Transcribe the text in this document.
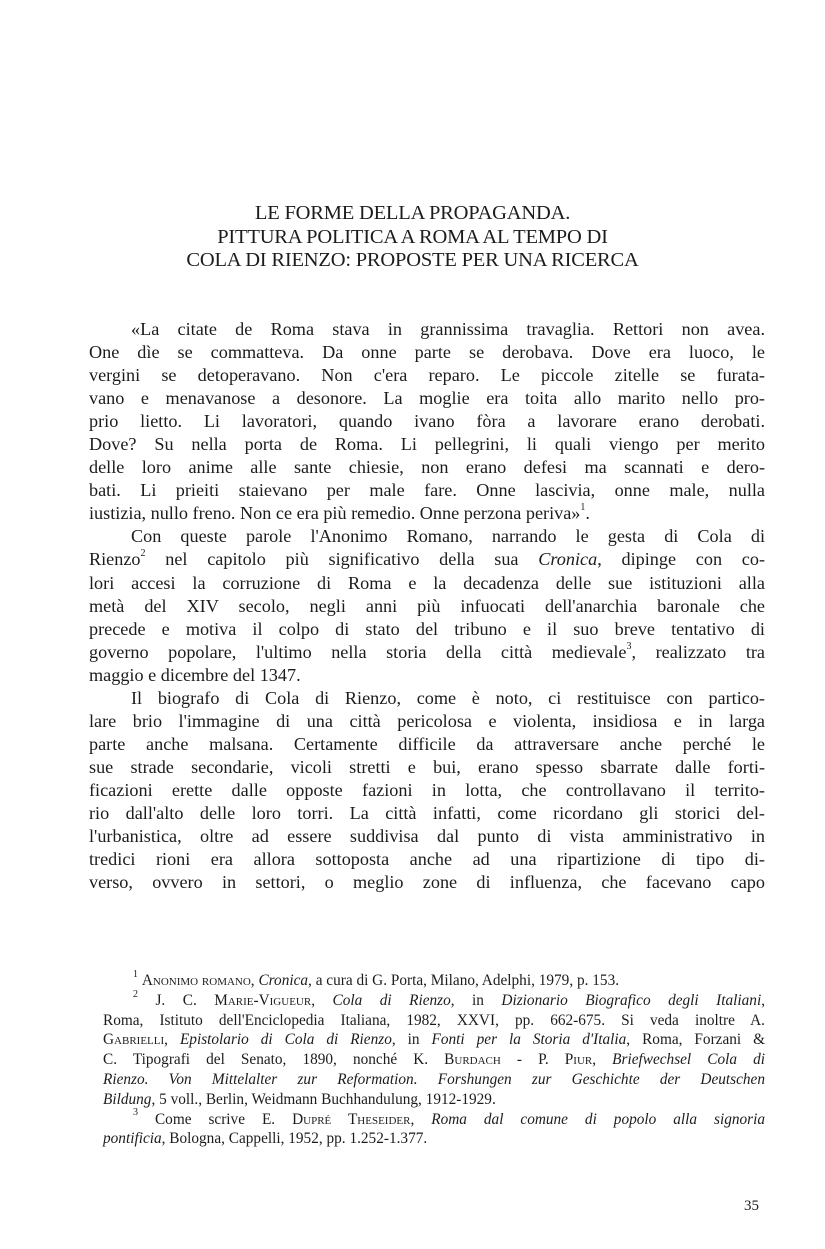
LE FORME DELLA PROPAGANDA.
PITTURA POLITICA A ROMA AL TEMPO DI
COLA DI RIENZO: PROPOSTE PER UNA RICERCA
«La citate de Roma stava in grannissima travaglia. Rettori non avea.
One dìe se commatteva. Da onne parte se derobava. Dove era luoco, le
vergini se detoperavano. Non c'era reparo. Le piccole zitelle se furata-
vano e menavanose a desonore. La moglie era toita allo marito nello pro-
prio lietto. Li lavoratori, quando ivano fòra a lavorare erano derobati.
Dove? Su nella porta de Roma. Li pellegrini, li quali viengo per merito
delle loro anime alle sante chiesie, non erano defesi ma scannati e dero-
bati. Li prieiti staievano per male fare. Onne lascivia, onne male, nulla
iustizia, nullo freno. Non ce era più remedio. Onne perzona periva»$^1$.
Con queste parole l'Anonimo Romano, narrando le gesta di Cola di
Rienzo$^2$ nel capitolo più significativo della sua Cronica, dipinge con co-
lori accesi la corruzione di Roma e la decadenza delle sue istituzioni alla
metà del XIV secolo, negli anni più infuocati dell'anarchia baronale che
precede e motiva il colpo di stato del tribuno e il suo breve tentativo di
governo popolare, l'ultimo nella storia della città medievale$^3$, realizzato tra
maggio e dicembre del 1347.
Il biografo di Cola di Rienzo, come è noto, ci restituisce con partico-
lare brio l'immagine di una città pericolosa e violenta, insidiosa e in larga
parte anche malsana. Certamente difficile da attraversare anche perché le
sue strade secondarie, vicoli stretti e bui, erano spesso sbarrate dalle forti-
ficazioni erette dalle opposte fazioni in lotta, che controllavano il territo-
rio dall'alto delle loro torri. La città infatti, come ricordano gli storici del-
l'urbanistica, oltre ad essere suddivisa dal punto di vista amministrativo in
tredici rioni era allora sottoposta anche ad una ripartizione di tipo di-
verso, ovvero in settori, o meglio zone di influenza, che facevano capo
$^1$ Anonimo romano, Cronica, a cura di G. Porta, Milano, Adelphi, 1979, p. 153.
$^2$ J. C. Marie-Vigueur, Cola di Rienzo, in Dizionario Biografico degli Italiani,
Roma, Istituto dell'Enciclopedia Italiana, 1982, XXVI, pp. 662-675. Si veda inoltre A.
Gabrielli, Epistolario di Cola di Rienzo, in Fonti per la Storia d'Italia, Roma, Forzani &
C. Tipografi del Senato, 1890, nonché K. Burdach - P. Piur, Briefwechsel Cola di
Rienzo. Von Mittelalter zur Reformation. Forshungen zur Geschichte der Deutschen
Bildung, 5 voll., Berlin, Weidmann Buchhandulung, 1912-1929.
$^3$ Come scrive E. Dupré Theseider, Roma dal comune di popolo alla signoria
pontificia, Bologna, Cappelli, 1952, pp. 1.252-1.377.
35
